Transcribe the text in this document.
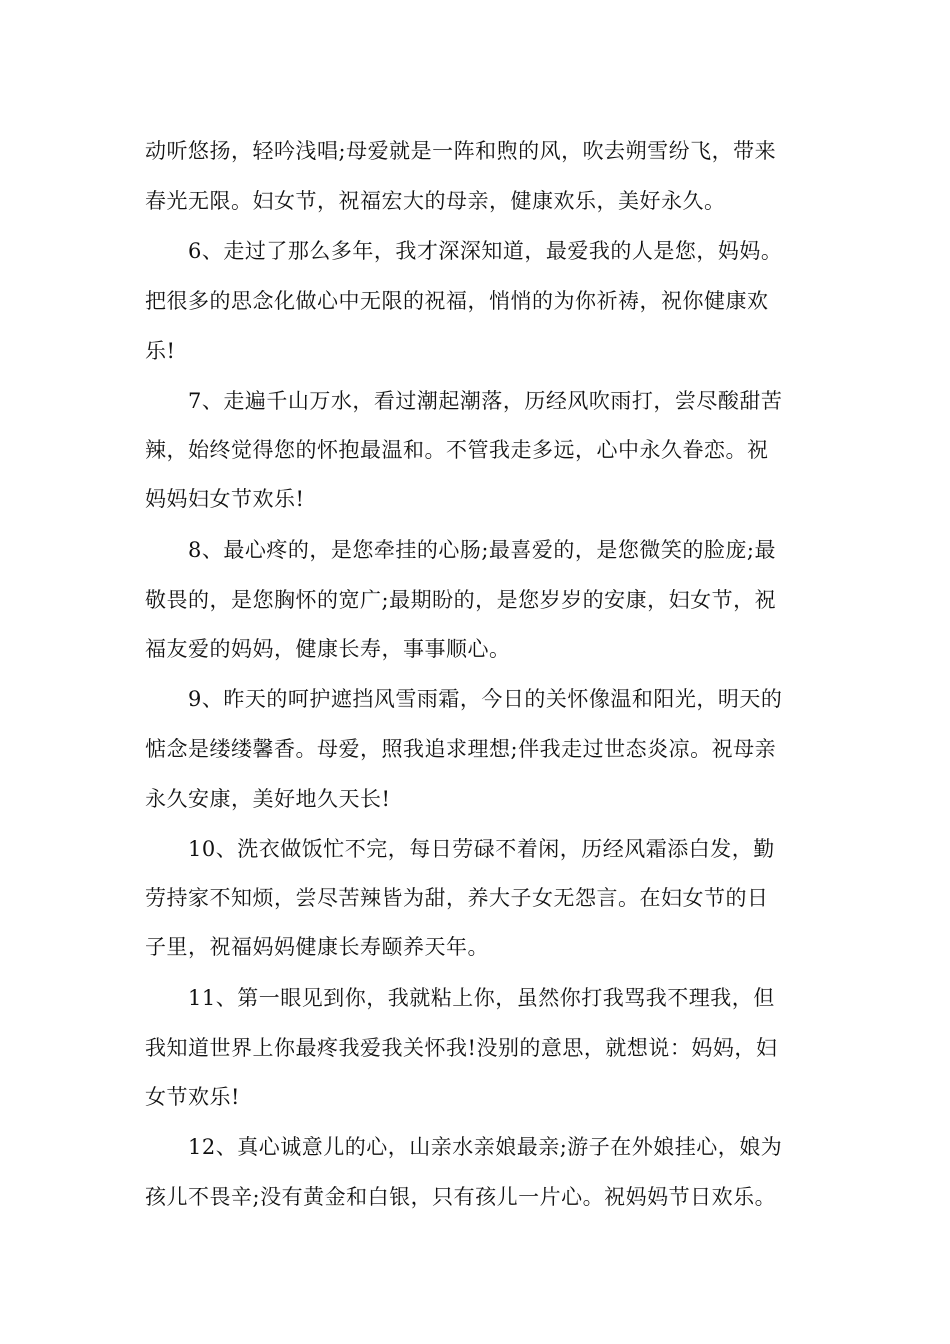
动听悠扬，轻吟浅唱;母爱就是一阵和煦的风，吹去朔雪纷飞，带来
春光无限。妇女节，祝福宏大的母亲，健康欢乐，美好永久。
6、走过了那么多年，我才深深知道，最爱我的人是您，妈妈。
把很多的思念化做心中无限的祝福，悄悄的为你祈祷，祝你健康欢
乐!
7、走遍千山万水，看过潮起潮落，历经风吹雨打，尝尽酸甜苦
辣，始终觉得您的怀抱最温和。不管我走多远，心中永久眷恋。祝
妈妈妇女节欢乐!
8、最心疼的，是您牵挂的心肠;最喜爱的，是您微笑的脸庞;最
敬畏的，是您胸怀的宽广;最期盼的，是您岁岁的安康，妇女节，祝
福友爱的妈妈，健康长寿，事事顺心。
9、昨天的呵护遮挡风雪雨霜，今日的关怀像温和阳光，明天的
惦念是缕缕馨香。母爱，照我追求理想;伴我走过世态炎凉。祝母亲
永久安康，美好地久天长!
10、洗衣做饭忙不完，每日劳碌不着闲，历经风霜添白发，勤
劳持家不知烦，尝尽苦辣皆为甜，养大子女无怨言。在妇女节的日
子里，祝福妈妈健康长寿颐养天年。
11、第一眼见到你，我就粘上你，虽然你打我骂我不理我，但
我知道世界上你最疼我爱我关怀我!没别的意思，就想说：妈妈，妇
女节欢乐!
12、真心诚意儿的心，山亲水亲娘最亲;游子在外娘挂心，娘为
孩儿不畏辛;没有黄金和白银，只有孩儿一片心。祝妈妈节日欢乐。
